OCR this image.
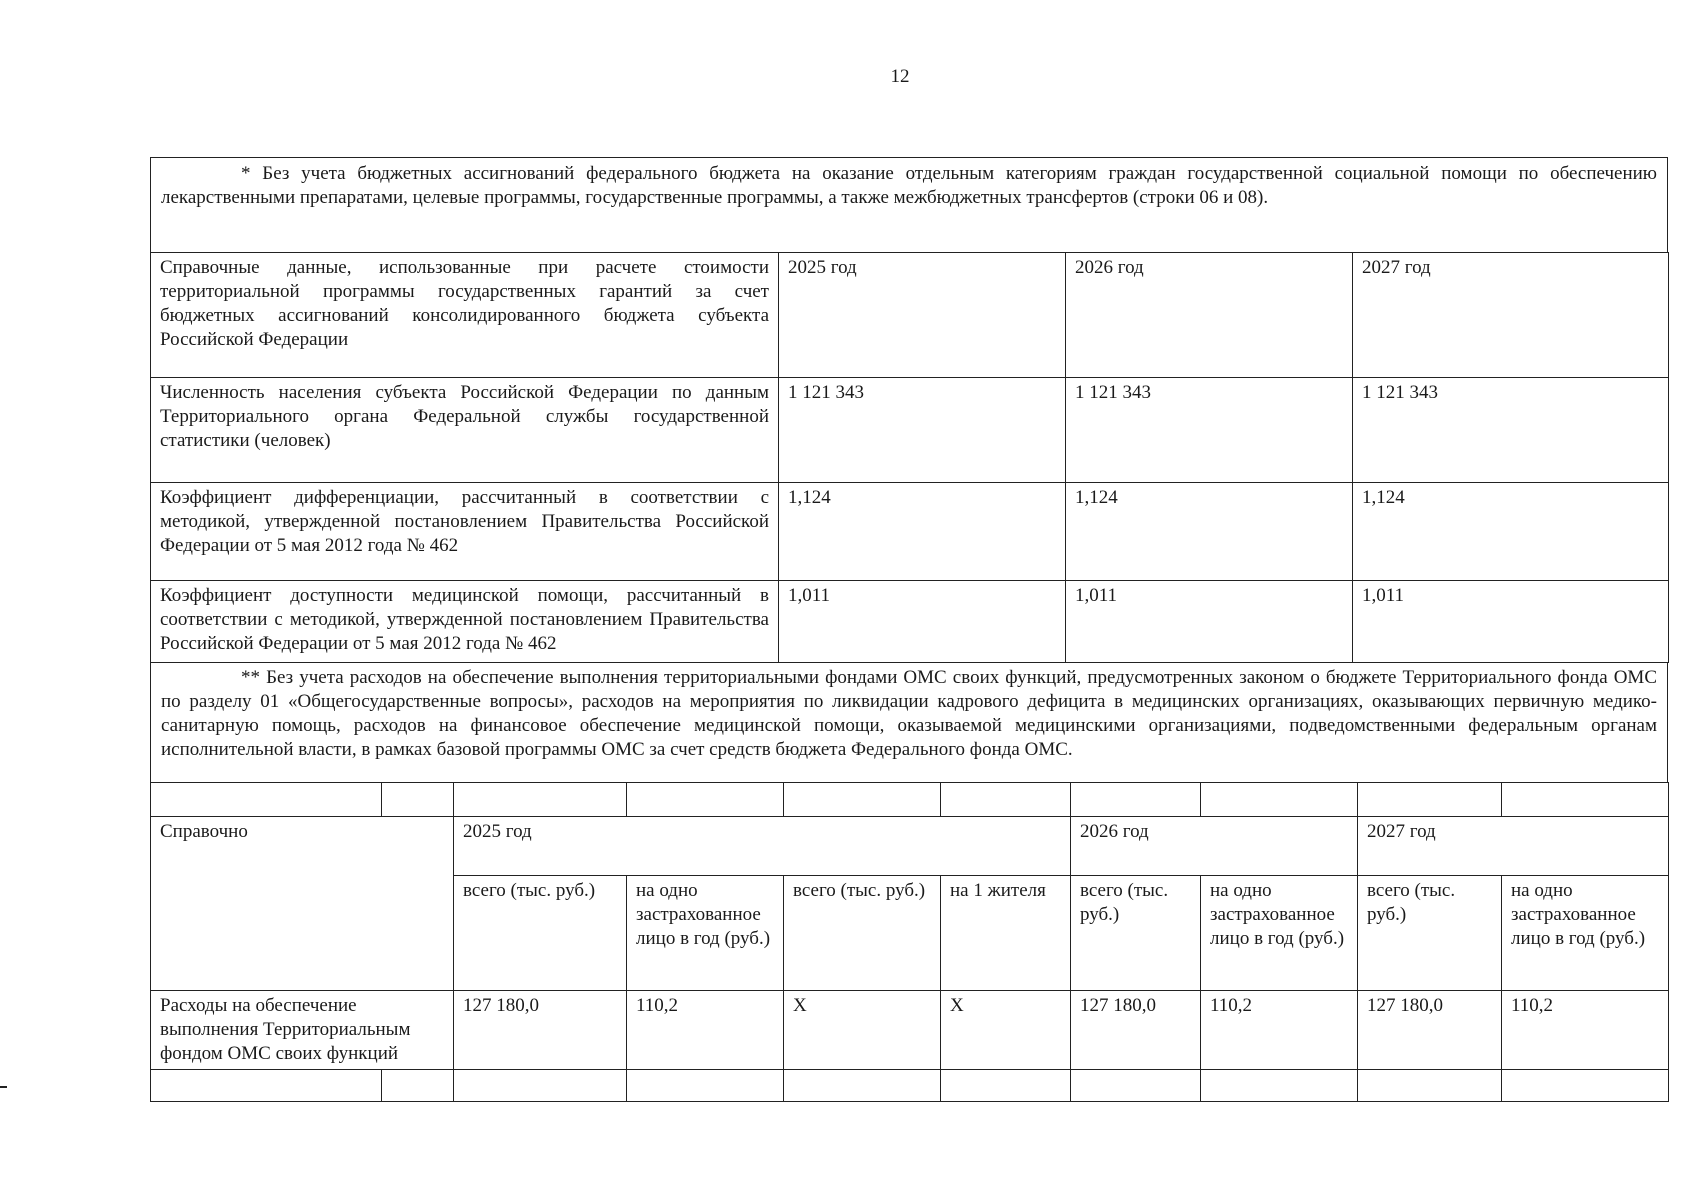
12
* Без учета бюджетных ассигнований федерального бюджета на оказание отдельным категориям граждан государственной социальной помощи по обеспечению лекарственными препаратами, целевые программы, государственные программы, а также межбюджетных трансфертов (строки 06 и 08).
Справочные данные, использованные при расчете стоимости территориальной программы государственных гарантий за счет бюджетных ассигнований консолидированного бюджета субъекта Российской Федерации	2025 год	2026 год	2027 год
Численность населения субъекта Российской Федерации по данным Территориального органа Федеральной службы государственной статистики (человек)	1 121 343	1 121 343	1 121 343
Коэффициент дифференциации, рассчитанный в соответствии с методикой, утвержденной постановлением Правительства Российской Федерации от 5 мая 2012 года № 462	1,124	1,124	1,124
Коэффициент доступности медицинской помощи, рассчитанный в соответствии с методикой, утвержденной постановлением Правительства Российской Федерации от 5 мая 2012 года № 462	1,011	1,011	1,011
** Без учета расходов на обеспечение выполнения территориальными фондами ОМС своих функций, предусмотренных законом о бюджете Территориального фонда ОМС по разделу 01 «Общегосударственные вопросы», расходов на мероприятия по ликвидации кадрового дефицита в медицинских организациях, оказывающих первичную медико-санитарную помощь, расходов на финансовое обеспечение медицинской помощи, оказываемой медицинскими организациями, подведомственными федеральным органам исполнительной власти, в рамках базовой программы ОМС за счет средств бюджета Федерального фонда ОМС.

Справочно		2025 год				2026 год		2027 год	
		всего (тыс. руб.)	на одно застрахованное лицо в год (руб.)	всего (тыс. руб.)	на 1 жителя	всего (тыс. руб.)	на одно застрахованное лицо в год (руб.)	всего (тыс. руб.)	на одно застрахованное лицо в год (руб.)
Расходы на обеспечение выполнения Территориальным фондом ОМС своих функций		127 180,0	110,2	X	X	127 180,0	110,2	127 180,0	110,2
